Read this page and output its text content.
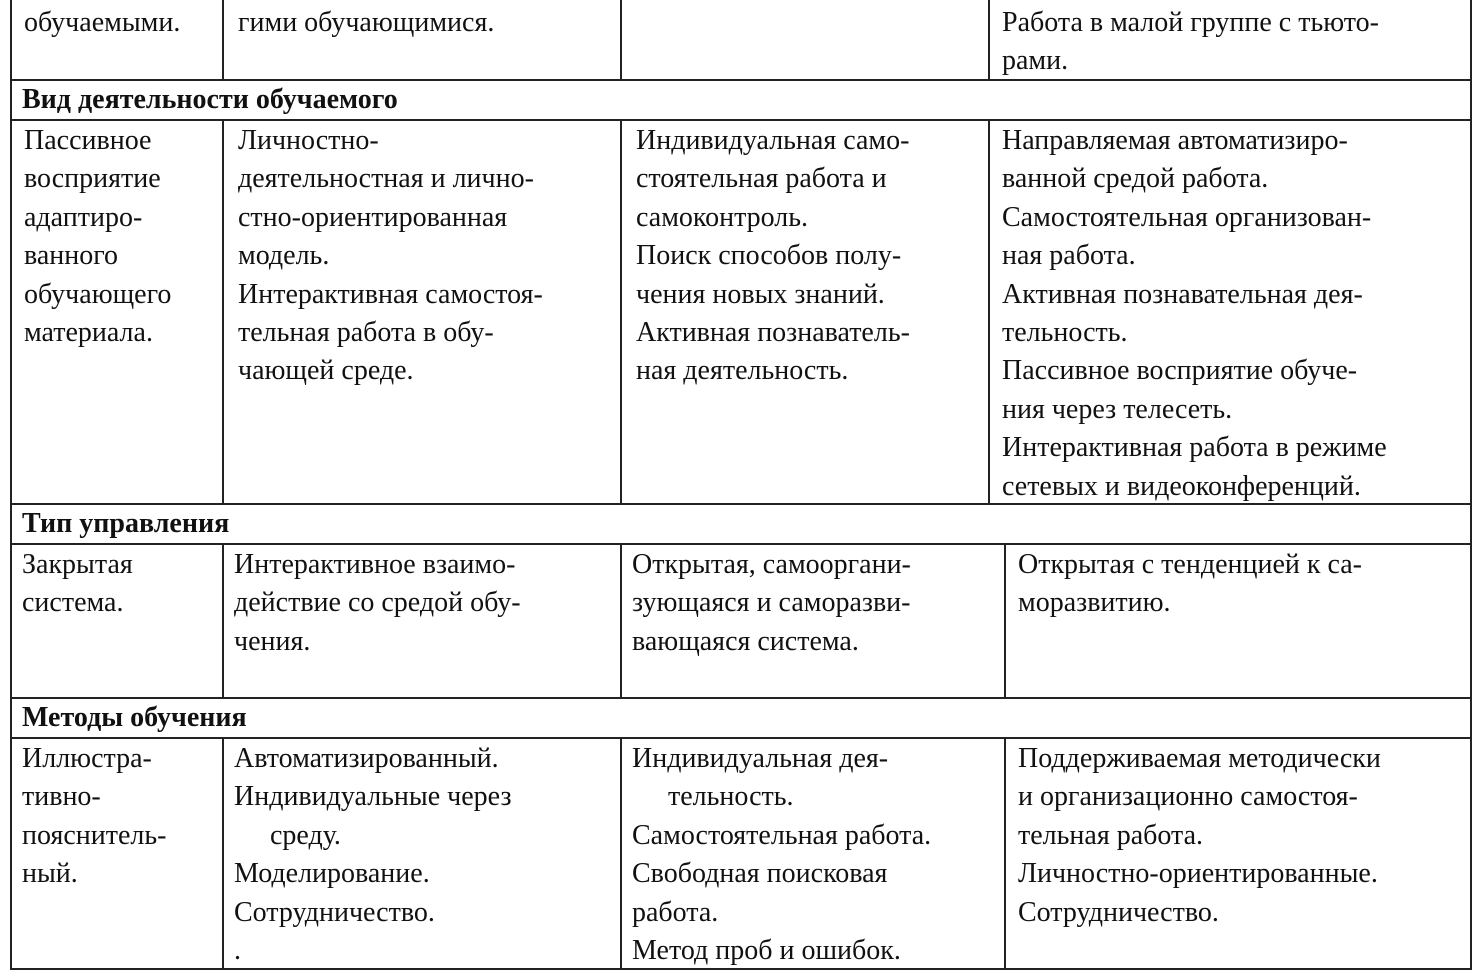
обучаемыми.	гими обучающимися.	Работа в малой группе с тьюто-

рами.

Вид деятельности обучаемого

Пассивное

восприятие

адаптиро-

ванного

обучающего

материала.

Личностно-

деятельностная и лично-

стно-ориентированная

модель.

Интерактивная самостоя-

тельная работа в обу-

чающей среде.

Индивидуальная само-

стоятельная работа и

самоконтроль.

Поиск способов полу-

чения новых знаний.

Активная познаватель-

ная деятельность.

Направляемая автоматизиро-

ванной средой работа.

Самостоятельная организован-

ная работа.

Активная познавательная дея-

тельность.

Пассивное восприятие обуче-

ния через телесеть.

Интерактивная работа в режиме

сетевых и видеоконференций.

Тип управления

Закрытая

система.

Интерактивное взаимо-

действие со средой обу-

чения.

Открытая, самооргани-

зующаяся и саморазви-

вающаяся система.

Открытая с тенденцией к са-

моразвитию.

Методы обучения

Иллюстра-

тивно-

пояснитель-

ный.

Автоматизированный.

Индивидуальные через

среду.

Моделирование.

Сотрудничество.

.

Индивидуальная дея-

тельность.

Самостоятельная работа.

Свободная поисковая

работа.

Метод проб и ошибок.

Поддерживаемая методически

и организационно самостоя-

тельная работа.

Личностно-ориентированные.

Сотрудничество.
